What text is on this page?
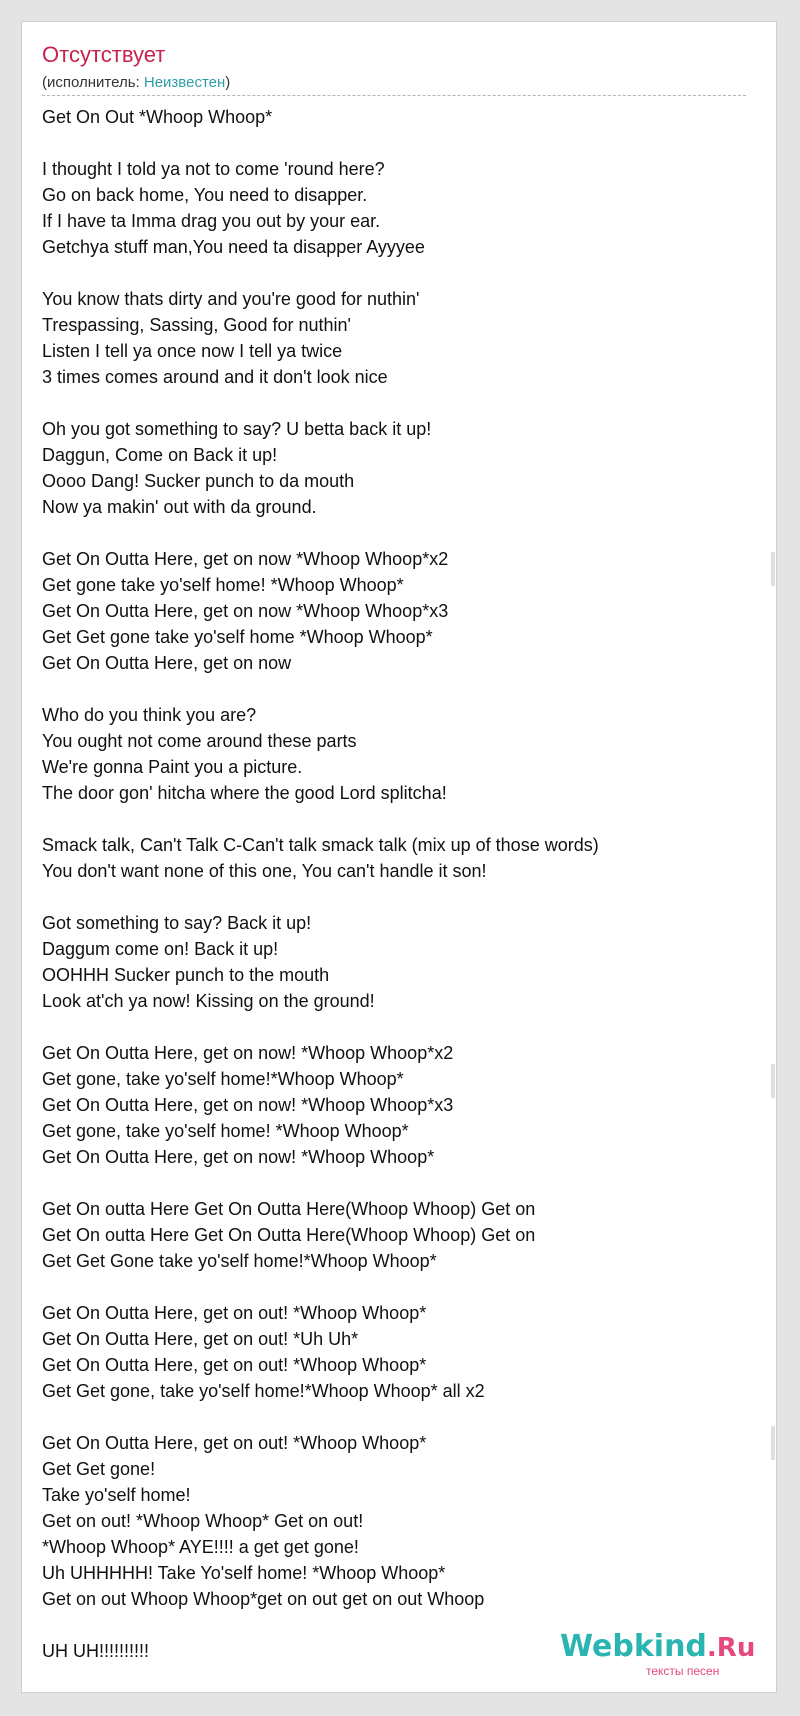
Отсутствует
(исполнитель: Неизвестен)
Get On Out *Whoop Whoop*
I thought I told ya not to come 'round here?
Go on back home, You need to disapper.
If I have ta Imma drag you out by your ear.
Getchya stuff man,You need ta disapper Ayyyee
You know thats dirty and you're good for nuthin'
Trespassing, Sassing, Good for nuthin'
Listen I tell ya once now I tell ya twice
3 times comes around and it don't look nice
Oh you got something to say? U betta back it up!
Daggun, Come on Back it up!
Oooo Dang! Sucker punch to da mouth
Now ya makin' out with da ground.
Get On Outta Here, get on now *Whoop Whoop*x2
Get gone take yo'self home! *Whoop Whoop*
Get On Outta Here, get on now *Whoop Whoop*x3
Get Get gone take yo'self home *Whoop Whoop*
Get On Outta Here, get on now
Who do you think you are?
You ought not come around these parts
We're gonna Paint you a picture.
The door gon' hitcha where the good Lord splitcha!
Smack talk, Can't Talk C-Can't talk smack talk (mix up of those words)
You don't want none of this one, You can't handle it son!
Got something to say? Back it up!
Daggum come on! Back it up!
OOHHH Sucker punch to the mouth
Look at'ch ya now! Kissing on the ground!
Get On Outta Here, get on now! *Whoop Whoop*x2
Get gone, take yo'self home!*Whoop Whoop*
Get On Outta Here, get on now! *Whoop Whoop*x3
Get gone, take yo'self home! *Whoop Whoop*
Get On Outta Here, get on now! *Whoop Whoop*
Get On outta Here Get On Outta Here(Whoop Whoop) Get on
Get On outta Here Get On Outta Here(Whoop Whoop) Get on
Get Get Gone take yo'self home!*Whoop Whoop*
Get On Outta Here, get on out! *Whoop Whoop*
Get On Outta Here, get on out! *Uh Uh*
Get On Outta Here, get on out! *Whoop Whoop*
Get Get gone, take yo'self home!*Whoop Whoop* all x2
Get On Outta Here, get on out! *Whoop Whoop*
Get Get gone!
Take yo'self home!
Get on out! *Whoop Whoop* Get on out!
*Whoop Whoop* AYE!!!! a get get gone!
Uh UHHHHH! Take Yo'self home! *Whoop Whoop*
Get on out Whoop Whoop*get on out get on out Whoop
UH UH!!!!!!!!!!	Webkind.Ru
тексты песен
